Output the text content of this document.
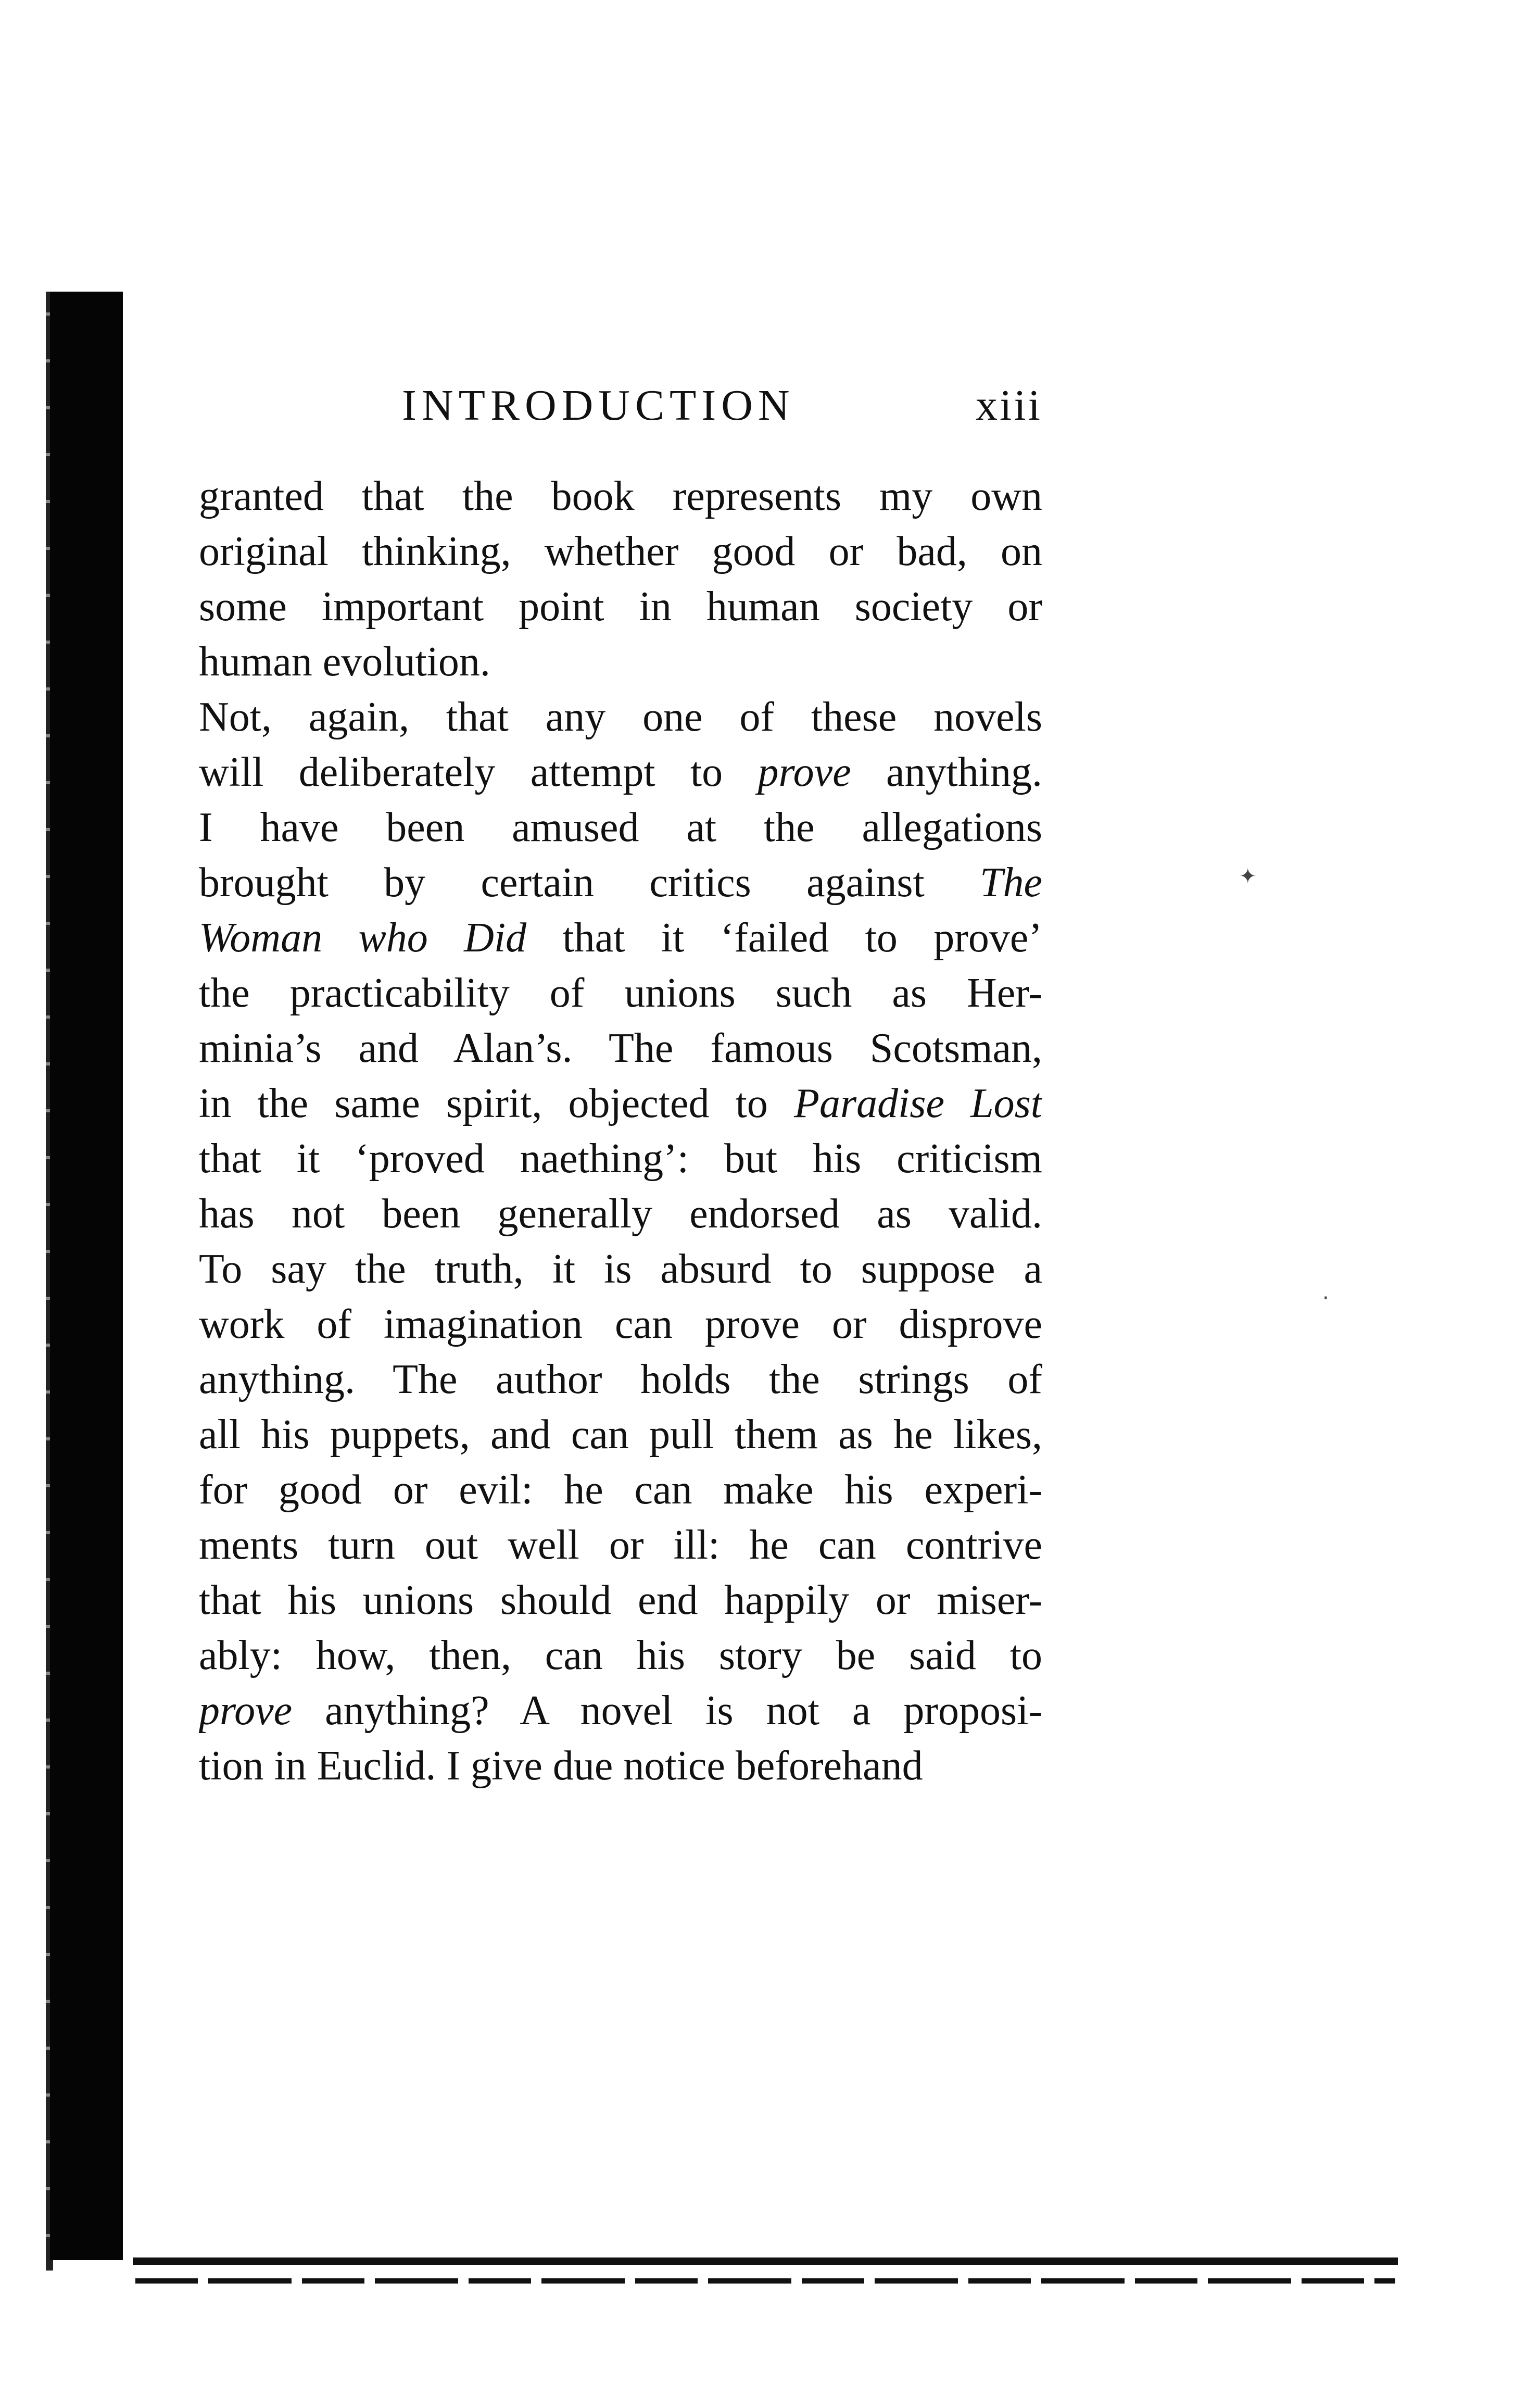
INTRODUCTION	xiii
granted that the book represents my own
original thinking, whether good or bad, on
some important point in human society or
human evolution.
Not, again, that any one of these novels
will deliberately attempt to prove anything.
I have been amused at the allegations
brought by certain critics against The
Woman who Did that it ‘failed to prove’
the practicability of unions such as Her-
minia’s and Alan’s. The famous Scotsman,
in the same spirit, objected to Paradise Lost
that it ‘proved naething’: but his criticism
has not been generally endorsed as valid.
To say the truth, it is absurd to suppose a
work of imagination can prove or disprove
anything. The author holds the strings of
all his puppets, and can pull them as he likes,
for good or evil: he can make his experi-
ments turn out well or ill: he can contrive
that his unions should end happily or miser-
ably: how, then, can his story be said to
prove anything? A novel is not a proposi-
tion in Euclid. I give due notice beforehand
✦
·
